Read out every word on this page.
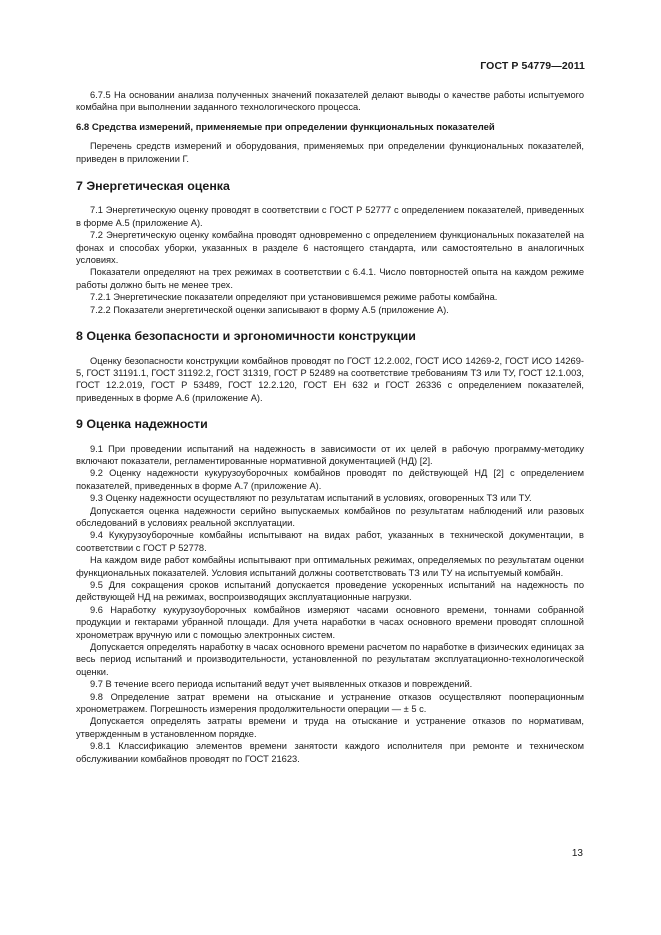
ГОСТ Р 54779—2011

6.7.5 На основании анализа полученных значений показателей делают выводы о качестве работы испытуемого комбайна при выполнении заданного технологического процесса.

6.8 Средства измерений, применяемые при определении функциональных показателей

Перечень средств измерений и оборудования, применяемых при определении функциональных показателей, приведен в приложении Г.

7 Энергетическая оценка

7.1 Энергетическую оценку проводят в соответствии с ГОСТ Р 52777 с определением показателей, приведенных в форме А.5 (приложение А).

7.2 Энергетическую оценку комбайна проводят одновременно с определением функциональных показателей на фонах и способах уборки, указанных в разделе 6 настоящего стандарта, или самостоятельно в аналогичных условиях.

Показатели определяют на трех режимах в соответствии с 6.4.1. Число повторностей опыта на каждом режиме работы должно быть не менее трех.

7.2.1 Энергетические показатели определяют при установившемся режиме работы комбайна.

7.2.2 Показатели энергетической оценки записывают в форму А.5 (приложение А).

8 Оценка безопасности и эргономичности конструкции

Оценку безопасности конструкции комбайнов проводят по ГОСТ 12.2.002, ГОСТ ИСО 14269-2, ГОСТ ИСО 14269-5, ГОСТ 31191.1, ГОСТ 31192.2, ГОСТ 31319, ГОСТ Р 52489 на соответствие требованиям ТЗ или ТУ, ГОСТ 12.1.003, ГОСТ 12.2.019, ГОСТ Р 53489, ГОСТ 12.2.120, ГОСТ ЕН 632 и ГОСТ 26336 с определением показателей, приведенных в форме А.6 (приложение А).

9 Оценка надежности

9.1 При проведении испытаний на надежность в зависимости от их целей в рабочую программу-методику включают показатели, регламентированные нормативной документацией (НД) [2].

9.2 Оценку надежности кукурузоуборочных комбайнов проводят по действующей НД [2] с определением показателей, приведенных в форме А.7 (приложение А).

9.3 Оценку надежности осуществляют по результатам испытаний в условиях, оговоренных ТЗ или ТУ.

Допускается оценка надежности серийно выпускаемых комбайнов по результатам наблюдений или разовых обследований в условиях реальной эксплуатации.

9.4 Кукурузоуборочные комбайны испытывают на видах работ, указанных в технической документации, в соответствии с ГОСТ Р 52778.

На каждом виде работ комбайны испытывают при оптимальных режимах, определяемых по результатам оценки функциональных показателей. Условия испытаний должны соответствовать ТЗ или ТУ на испытуемый комбайн.

9.5 Для сокращения сроков испытаний допускается проведение ускоренных испытаний на надежность по действующей НД на режимах, воспроизводящих эксплуатационные нагрузки.

9.6 Наработку кукурузоуборочных комбайнов измеряют часами основного времени, тоннами собранной продукции и гектарами убранной площади. Для учета наработки в часах основного времени проводят сплошной хронометраж вручную или с помощью электронных систем.

Допускается определять наработку в часах основного времени расчетом по наработке в физических единицах за весь период испытаний и производительности, установленной по результатам эксплуатационно-технологической оценки.

9.7 В течение всего периода испытаний ведут учет выявленных отказов и повреждений.

9.8 Определение затрат времени на отыскание и устранение отказов осуществляют пооперационным хронометражем. Погрешность измерения продолжительности операции — ± 5 с.

Допускается определять затраты времени и труда на отыскание и устранение отказов по нормативам, утвержденным в установленном порядке.

9.8.1 Классификацию элементов времени занятости каждого исполнителя при ремонте и техническом обслуживании комбайнов проводят по ГОСТ 21623.

13
